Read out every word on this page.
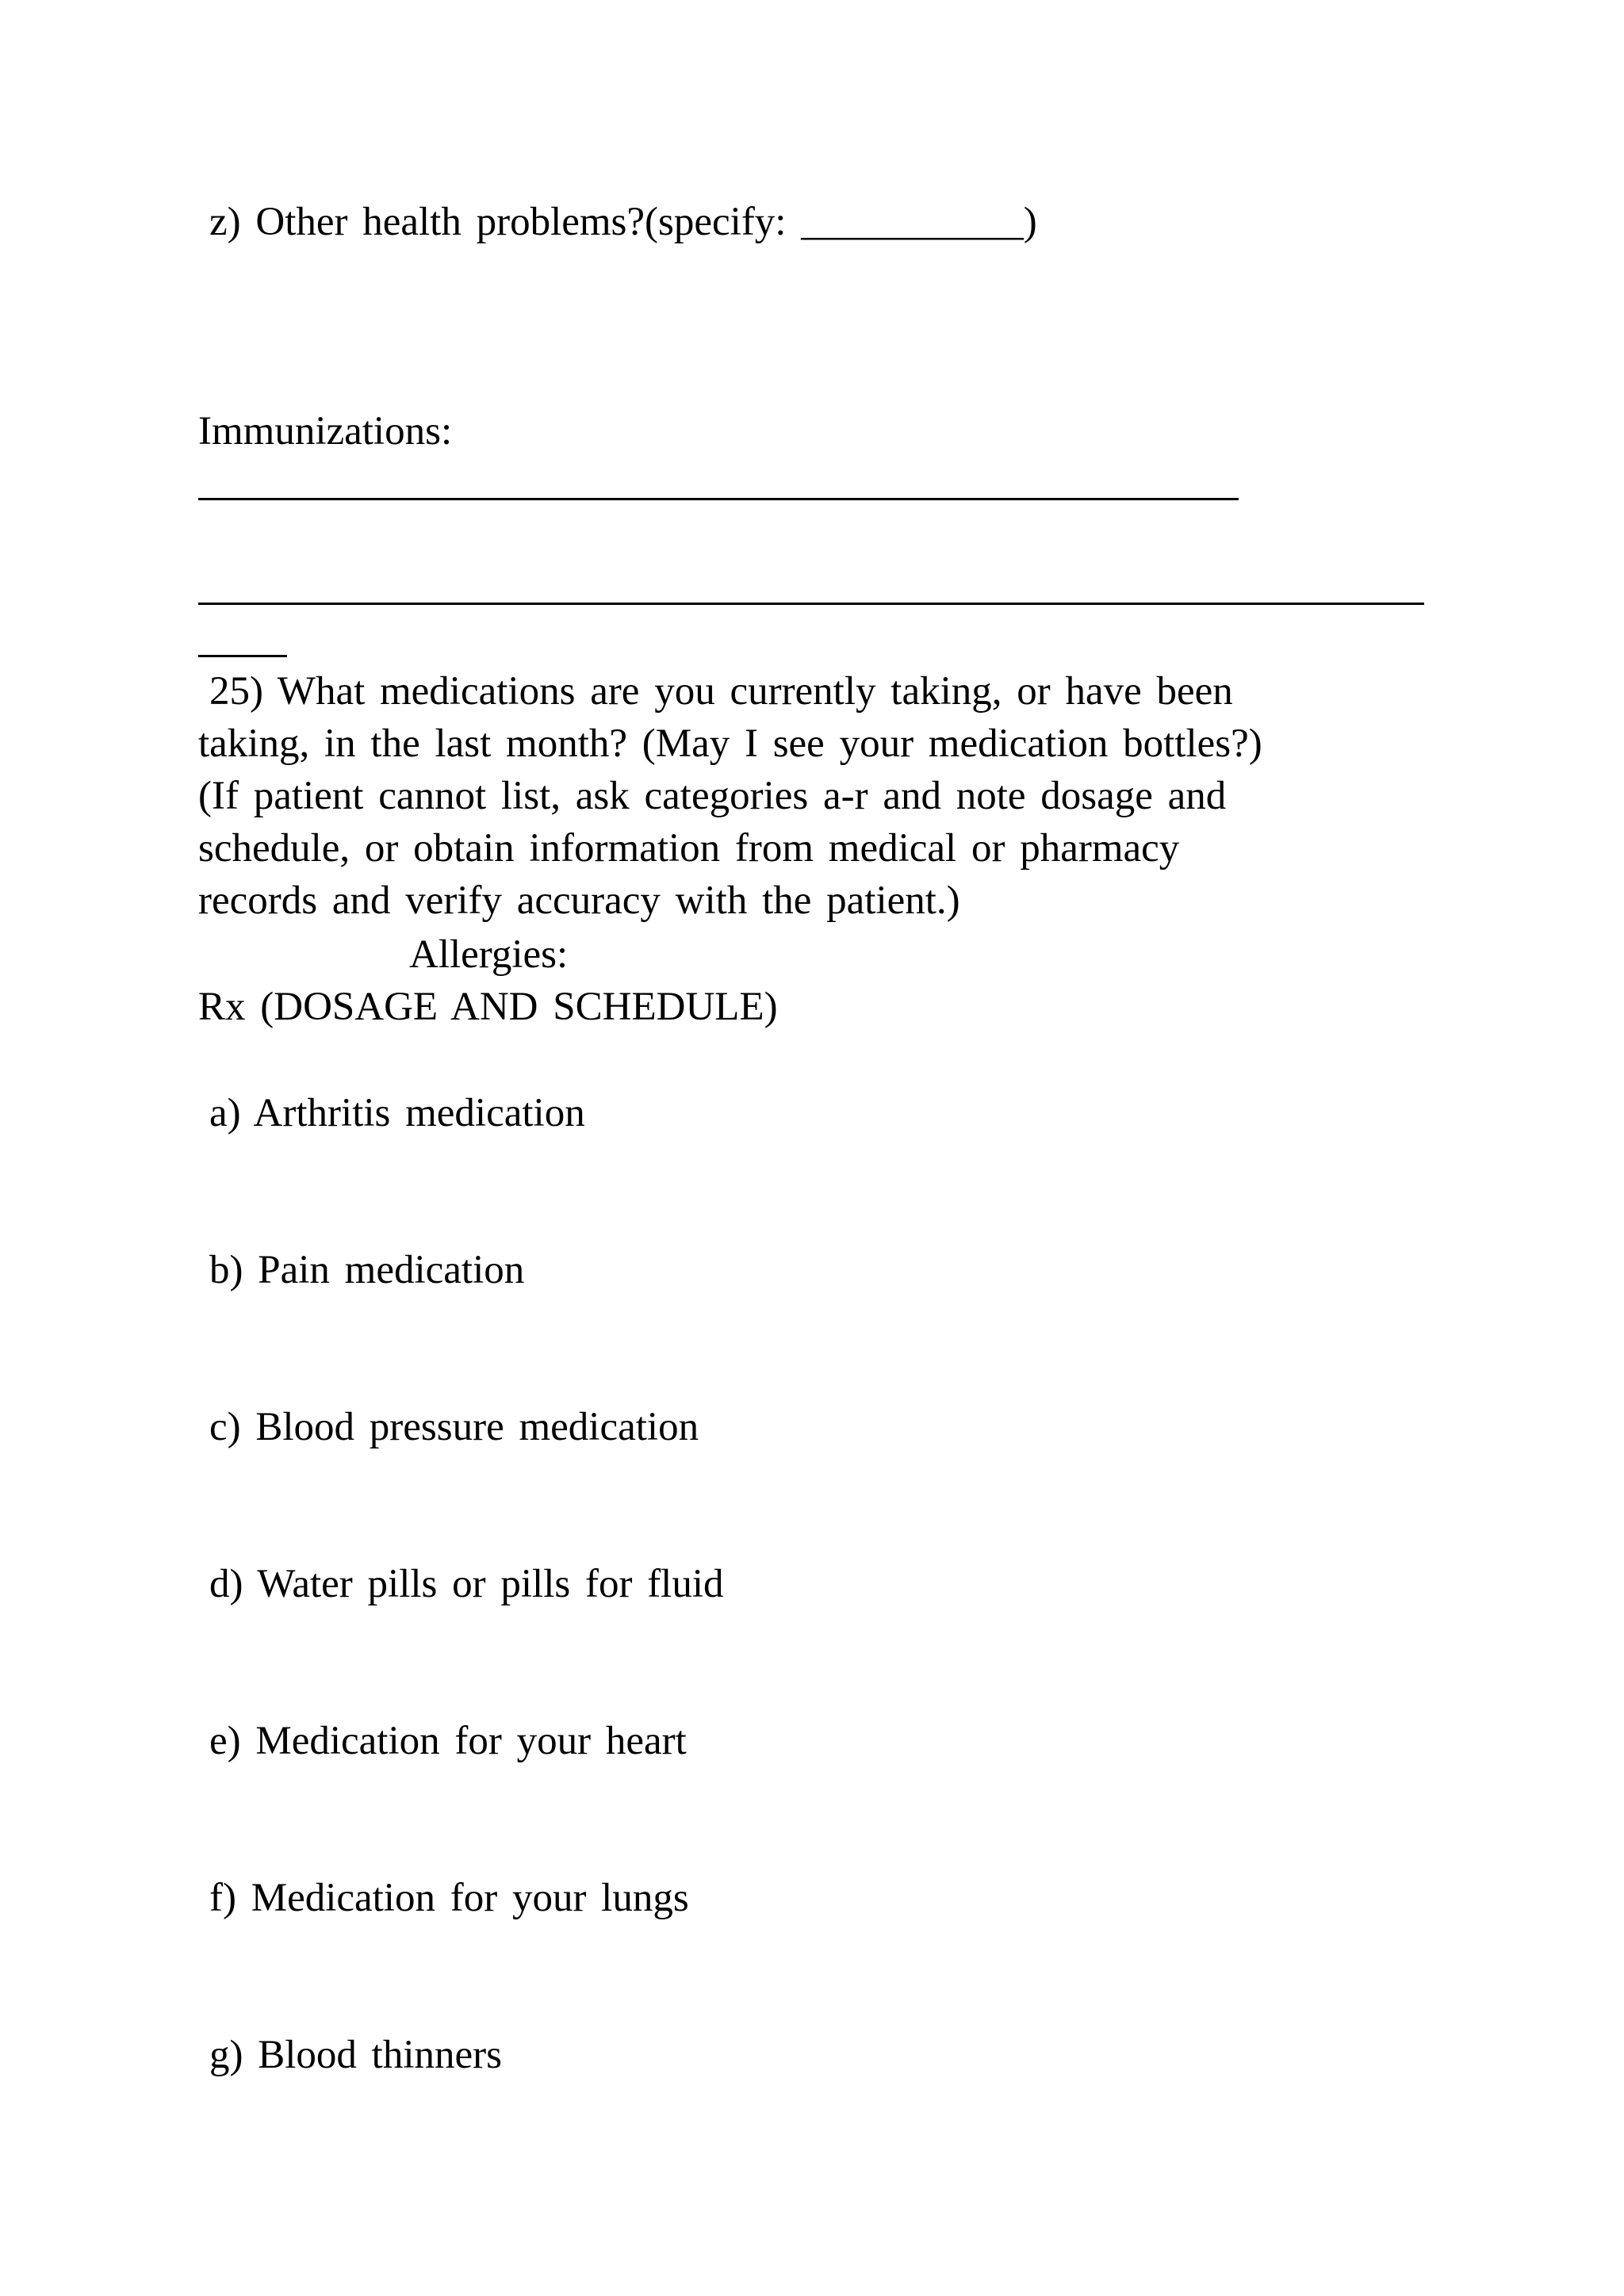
z) Other health problems?(specify: ___________)
Immunizations:
25) What medications are you currently taking, or have been
taking, in the last month? (May I see your medication bottles?)
(If patient cannot list, ask categories a-r and note dosage and
schedule, or obtain information from medical or pharmacy
records and verify accuracy with the patient.)
Allergies:
Rx (DOSAGE AND SCHEDULE)
a) Arthritis medication
b) Pain medication
c) Blood pressure medication
d) Water pills or pills for fluid
e) Medication for your heart
f) Medication for your lungs
g) Blood thinners
